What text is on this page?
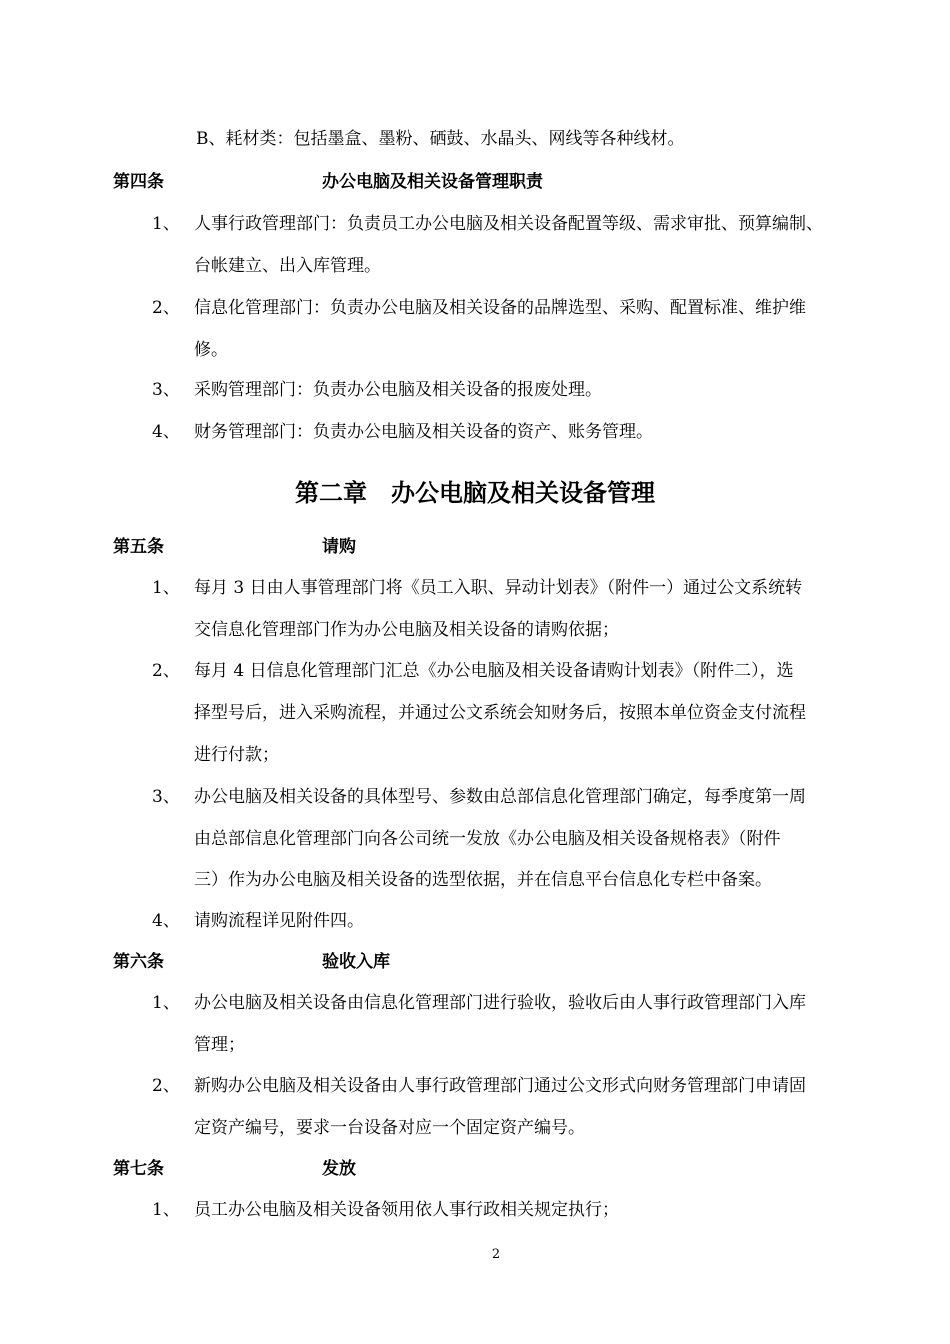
B、耗材类：包括墨盒、墨粉、硒鼓、水晶头、网线等各种线材。

第四条	办公电脑及相关设备管理职责
1、 人事行政管理部门：负责员工办公电脑及相关设备配置等级、需求审批、预算编制、

台帐建立、出入库管理。

2、 信息化管理部门：负责办公电脑及相关设备的品牌选型、采购、配置标准、维护维

修。

3、 采购管理部门：负责办公电脑及相关设备的报废处理。

4、 财务管理部门：负责办公电脑及相关设备的资产、账务管理。

第二章　办公电脑及相关设备管理
第五条	请购
1、 每月 3 日由人事管理部门将《员工入职、异动计划表》（附件一）通过公文系统转

交信息化管理部门作为办公电脑及相关设备的请购依据；

2、 每月 4 日信息化管理部门汇总《办公电脑及相关设备请购计划表》（附件二），选

择型号后，进入采购流程，并通过公文系统会知财务后，按照本单位资金支付流程

进行付款；

3、 办公电脑及相关设备的具体型号、参数由总部信息化管理部门确定，每季度第一周

由总部信息化管理部门向各公司统一发放《办公电脑及相关设备规格表》（附件

三）作为办公电脑及相关设备的选型依据，并在信息平台信息化专栏中备案。

4、 请购流程详见附件四。

第六条	验收入库
1、 办公电脑及相关设备由信息化管理部门进行验收，验收后由人事行政管理部门入库

管理；

2、 新购办公电脑及相关设备由人事行政管理部门通过公文形式向财务管理部门申请固

定资产编号，要求一台设备对应一个固定资产编号。

第七条	发放
1、 员工办公电脑及相关设备领用依人事行政相关规定执行；

2
